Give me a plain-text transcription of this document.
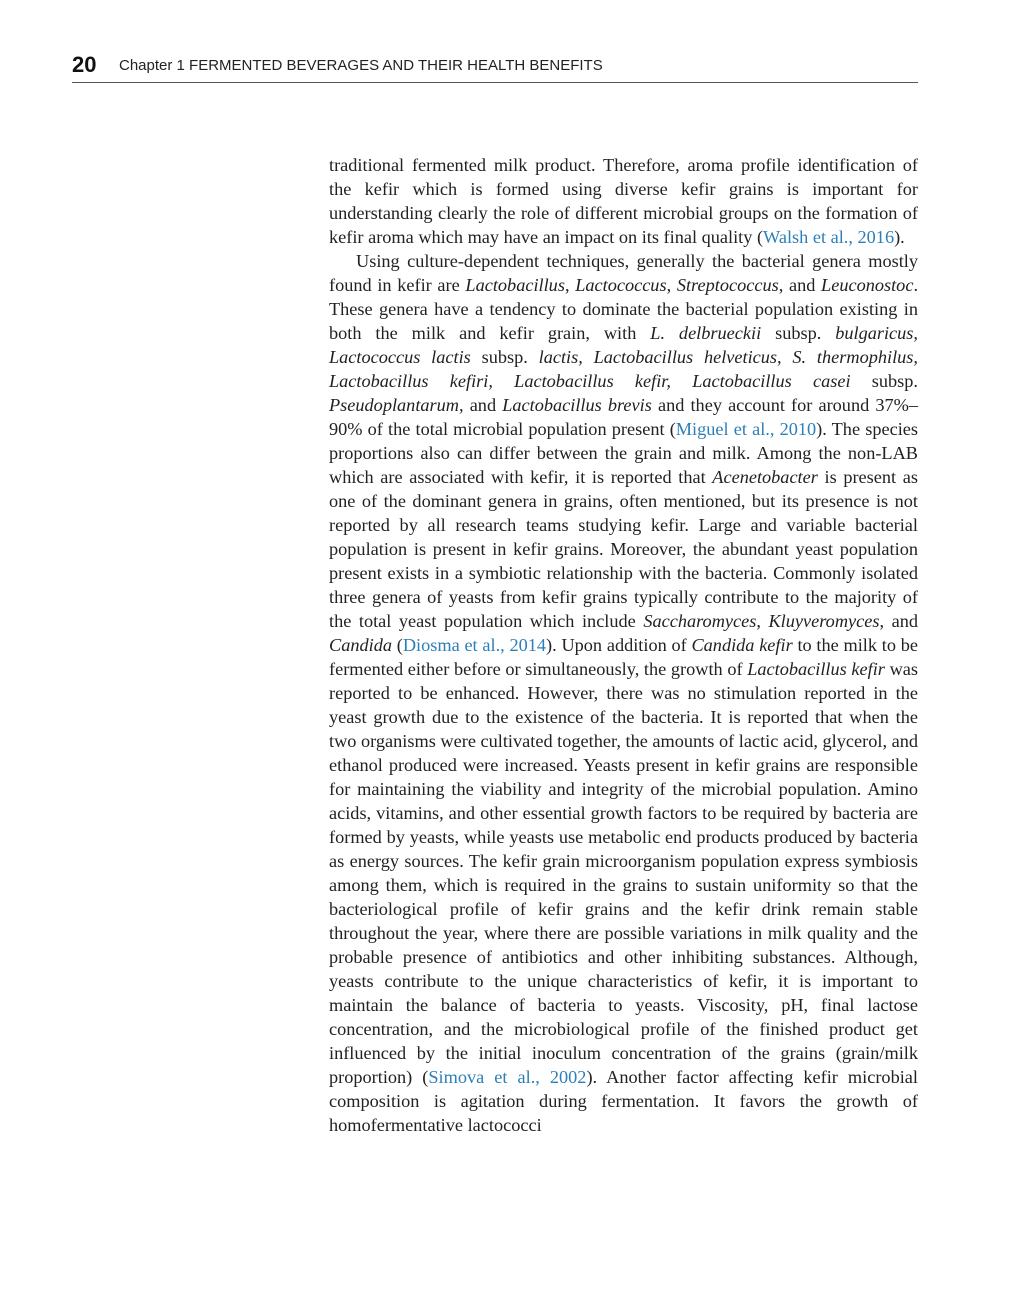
20 Chapter 1 FERMENTED BEVERAGES AND THEIR HEALTH BENEFITS

traditional fermented milk product. Therefore, aroma profile identification of the kefir which is formed using diverse kefir grains is important for understanding clearly the role of different microbial groups on the formation of kefir aroma which may have an impact on its final quality (Walsh et al., 2016).

Using culture-dependent techniques, generally the bacterial genera mostly found in kefir are Lactobacillus, Lactococcus, Streptococcus, and Leuconostoc. These genera have a tendency to dominate the bacterial population existing in both the milk and kefir grain, with L. delbrueckii subsp. bulgaricus, Lactococcus lactis subsp. lactis, Lactobacillus helveticus, S. thermophilus, Lactobacillus kefiri, Lactobacillus kefir, Lactobacillus casei subsp. Pseudoplantarum, and Lactobacillus brevis and they account for around 37%– 90% of the total microbial population present (Miguel et al., 2010). The species proportions also can differ between the grain and milk. Among the non-LAB which are associated with kefir, it is reported that Acenetobacter is present as one of the dominant genera in grains, often mentioned, but its presence is not reported by all research teams studying kefir. Large and variable bacterial population is present in kefir grains. Moreover, the abundant yeast population present exists in a symbiotic relationship with the bacteria. Commonly isolated three genera of yeasts from kefir grains typically contribute to the majority of the total yeast population which include Saccharomyces, Kluyveromyces, and Candida (Diosma et al., 2014). Upon addition of Candida kefir to the milk to be fermented either before or simultaneously, the growth of Lactobacillus kefir was reported to be enhanced. However, there was no stimulation reported in the yeast growth due to the existence of the bacteria. It is reported that when the two organisms were cultivated together, the amounts of lactic acid, glycerol, and ethanol produced were increased. Yeasts present in kefir grains are responsible for maintaining the viability and integrity of the microbial population. Amino acids, vitamins, and other essential growth factors to be required by bacteria are formed by yeasts, while yeasts use metabolic end products produced by bacteria as energy sources. The kefir grain microorganism population express symbiosis among them, which is required in the grains to sustain uniformity so that the bacteriological profile of kefir grains and the kefir drink remain stable throughout the year, where there are possible variations in milk quality and the probable presence of antibiotics and other inhibiting substances. Although, yeasts contribute to the unique characteristics of kefir, it is important to maintain the balance of bacteria to yeasts. Viscosity, pH, final lactose concentration, and the microbiological profile of the finished product get influenced by the initial inoculum concentration of the grains (grain/milk proportion) (Simova et al., 2002). Another factor affecting kefir microbial composition is agitation during fermentation. It favors the growth of homofermentative lactococci
